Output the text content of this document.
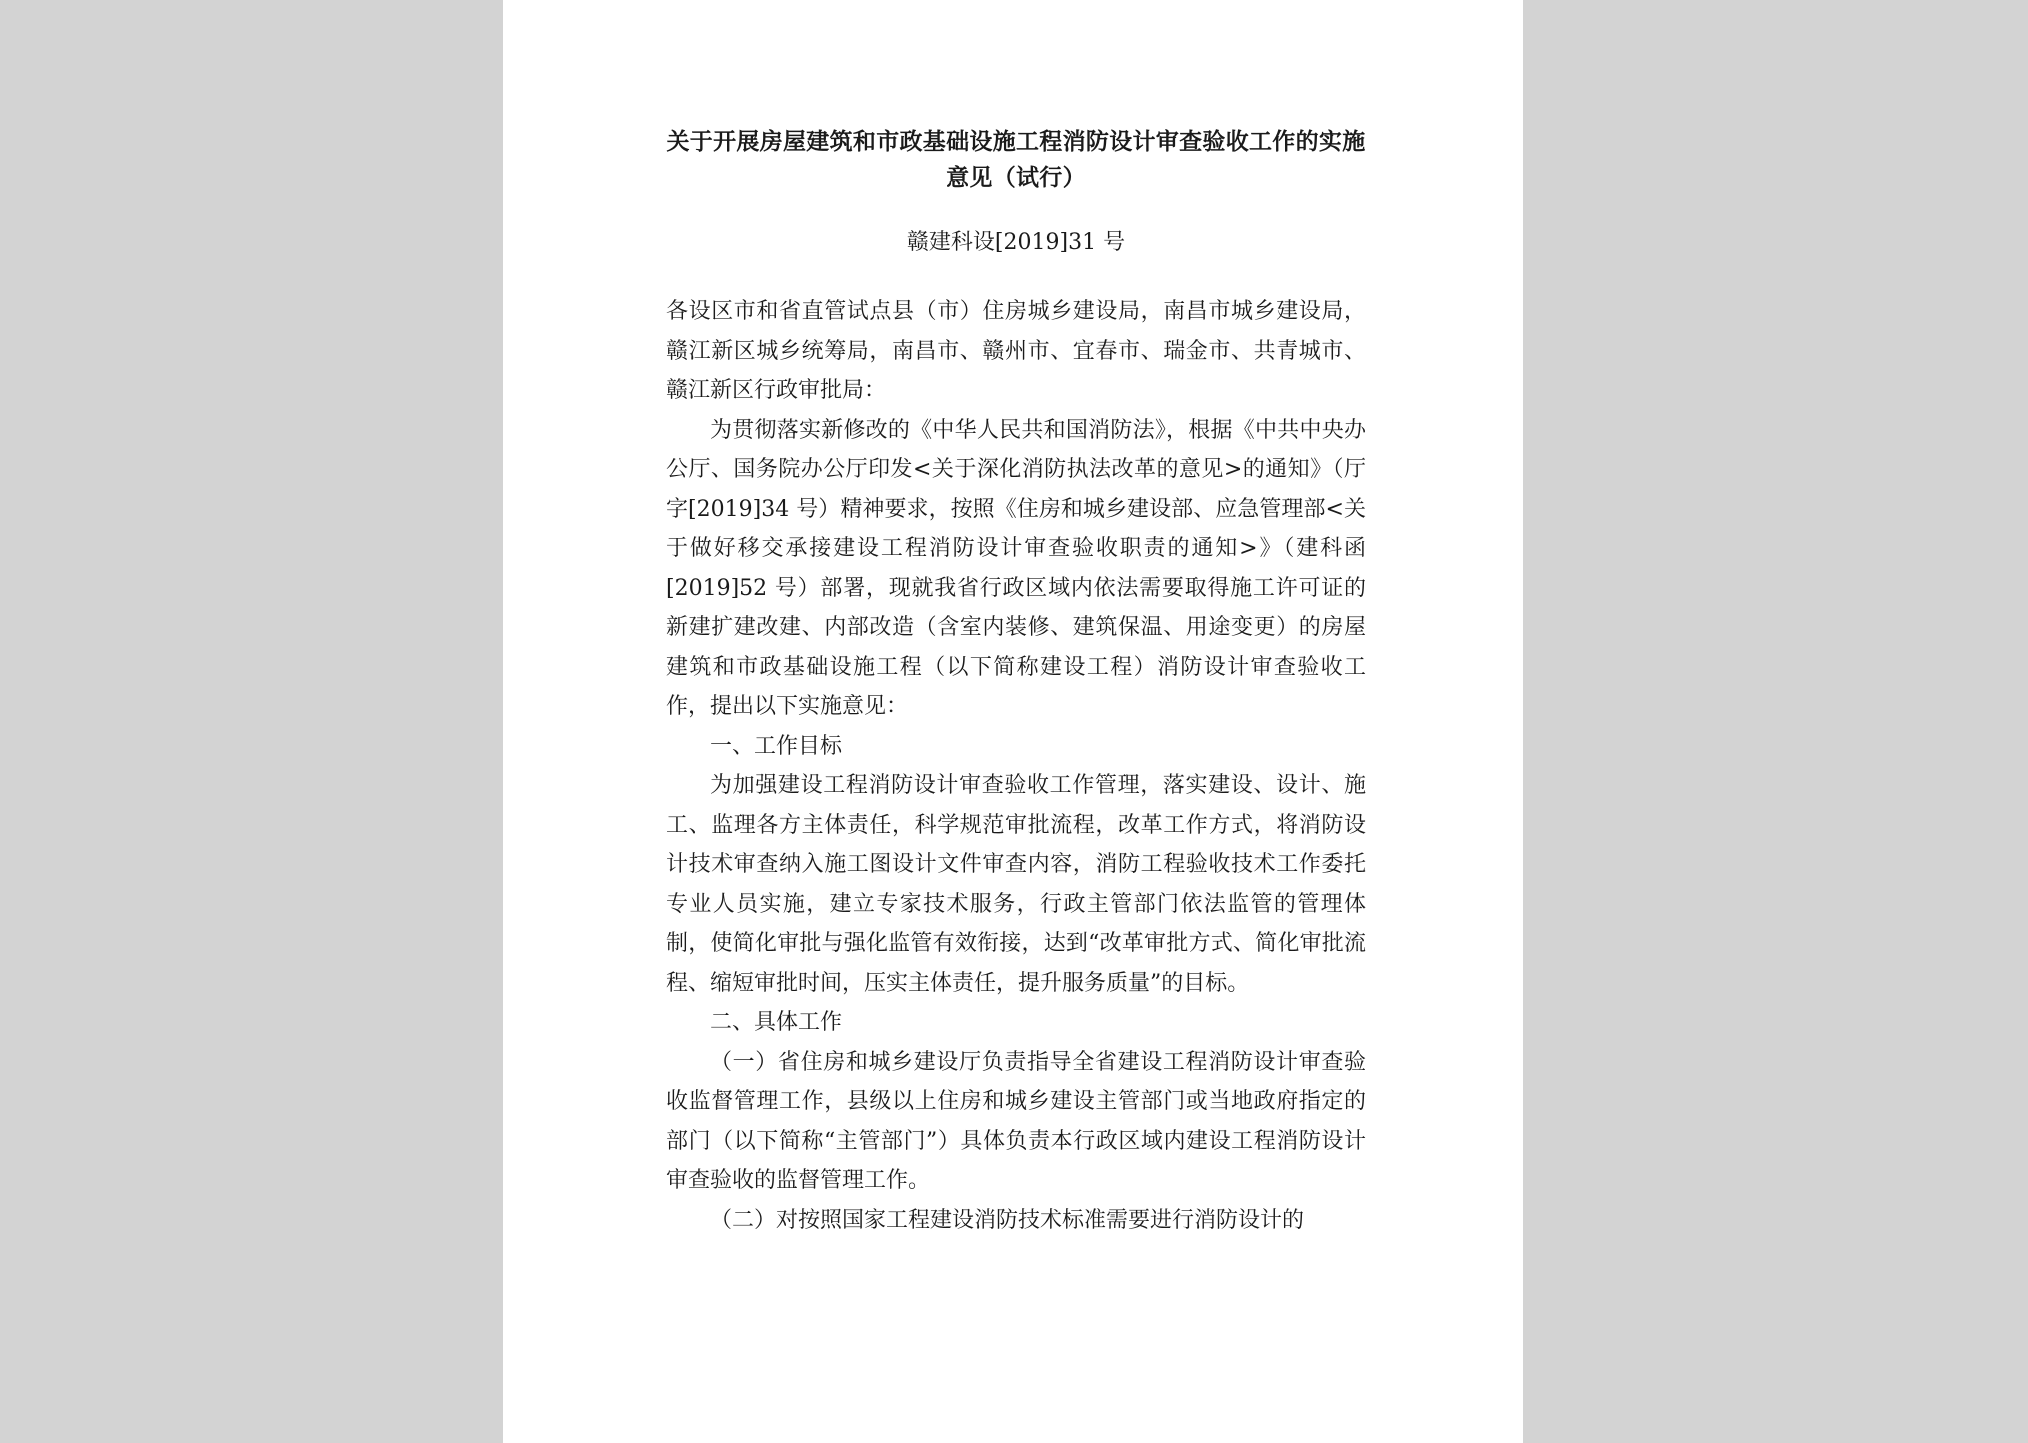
关于开展房屋建筑和市政基础设施工程消防设计审查验收工作的实施意见（试行）
赣建科设[2019]31 号

各设区市和省直管试点县（市）住房城乡建设局，南昌市城乡建设局，赣江新区城乡统筹局，南昌市、赣州市、宜春市、瑞金市、共青城市、赣江新区行政审批局：

为贯彻落实新修改的《中华人民共和国消防法》，根据《中共中央办公厅、国务院办公厅印发<关于深化消防执法改革的意见>的通知》（厅字[2019]34 号）精神要求，按照《住房和城乡建设部、应急管理部<关于做好移交承接建设工程消防设计审查验收职责的通知>》（建科函[2019]52 号）部署，现就我省行政区域内依法需要取得施工许可证的新建扩建改建、内部改造（含室内装修、建筑保温、用途变更）的房屋建筑和市政基础设施工程（以下简称建设工程）消防设计审查验收工作，提出以下实施意见：

一、工作目标

为加强建设工程消防设计审查验收工作管理，落实建设、设计、施工、监理各方主体责任，科学规范审批流程，改革工作方式，将消防设计技术审查纳入施工图设计文件审查内容，消防工程验收技术工作委托专业人员实施，建立专家技术服务，行政主管部门依法监管的管理体制，使简化审批与强化监管有效衔接，达到“改革审批方式、简化审批流程、缩短审批时间，压实主体责任，提升服务质量”的目标。

二、具体工作

（一）省住房和城乡建设厅负责指导全省建设工程消防设计审查验收监督管理工作，县级以上住房和城乡建设主管部门或当地政府指定的部门（以下简称“主管部门”）具体负责本行政区域内建设工程消防设计审查验收的监督管理工作。

（二）对按照国家工程建设消防技术标准需要进行消防设计的
